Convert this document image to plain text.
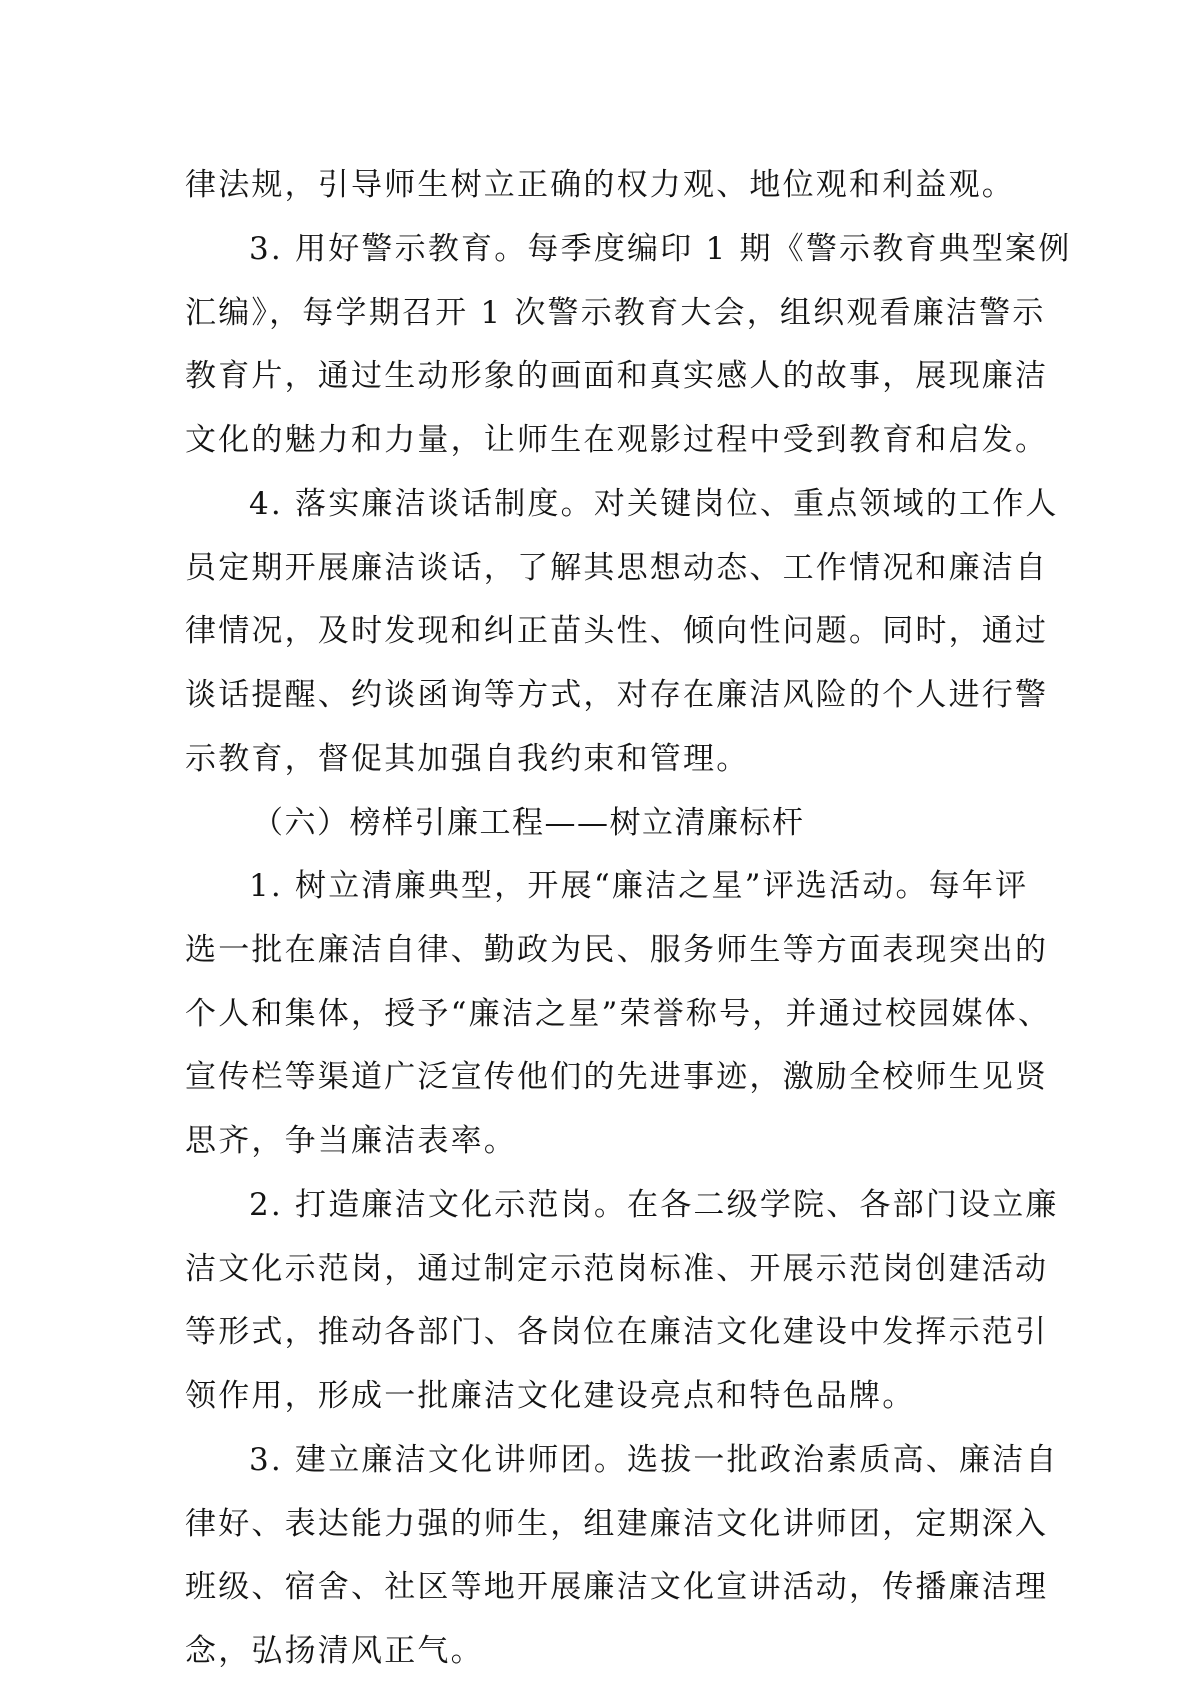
律法规，引导师生树立正确的权力观、地位观和利益观。
3. 用好警示教育。每季度编印 1 期《警示教育典型案例
汇编》，每学期召开 1 次警示教育大会，组织观看廉洁警示
教育片，通过生动形象的画面和真实感人的故事，展现廉洁
文化的魅力和力量，让师生在观影过程中受到教育和启发。
4. 落实廉洁谈话制度。对关键岗位、重点领域的工作人
员定期开展廉洁谈话，了解其思想动态、工作情况和廉洁自
律情况，及时发现和纠正苗头性、倾向性问题。同时，通过
谈话提醒、约谈函询等方式，对存在廉洁风险的个人进行警
示教育，督促其加强自我约束和管理。
（六）榜样引廉工程——树立清廉标杆
1. 树立清廉典型，开展“廉洁之星”评选活动。每年评
选一批在廉洁自律、勤政为民、服务师生等方面表现突出的
个人和集体，授予“廉洁之星”荣誉称号，并通过校园媒体、
宣传栏等渠道广泛宣传他们的先进事迹，激励全校师生见贤
思齐，争当廉洁表率。
2. 打造廉洁文化示范岗。在各二级学院、各部门设立廉
洁文化示范岗，通过制定示范岗标准、开展示范岗创建活动
等形式，推动各部门、各岗位在廉洁文化建设中发挥示范引
领作用，形成一批廉洁文化建设亮点和特色品牌。
3. 建立廉洁文化讲师团。选拔一批政治素质高、廉洁自
律好、表达能力强的师生，组建廉洁文化讲师团，定期深入
班级、宿舍、社区等地开展廉洁文化宣讲活动，传播廉洁理
念，弘扬清风正气。
